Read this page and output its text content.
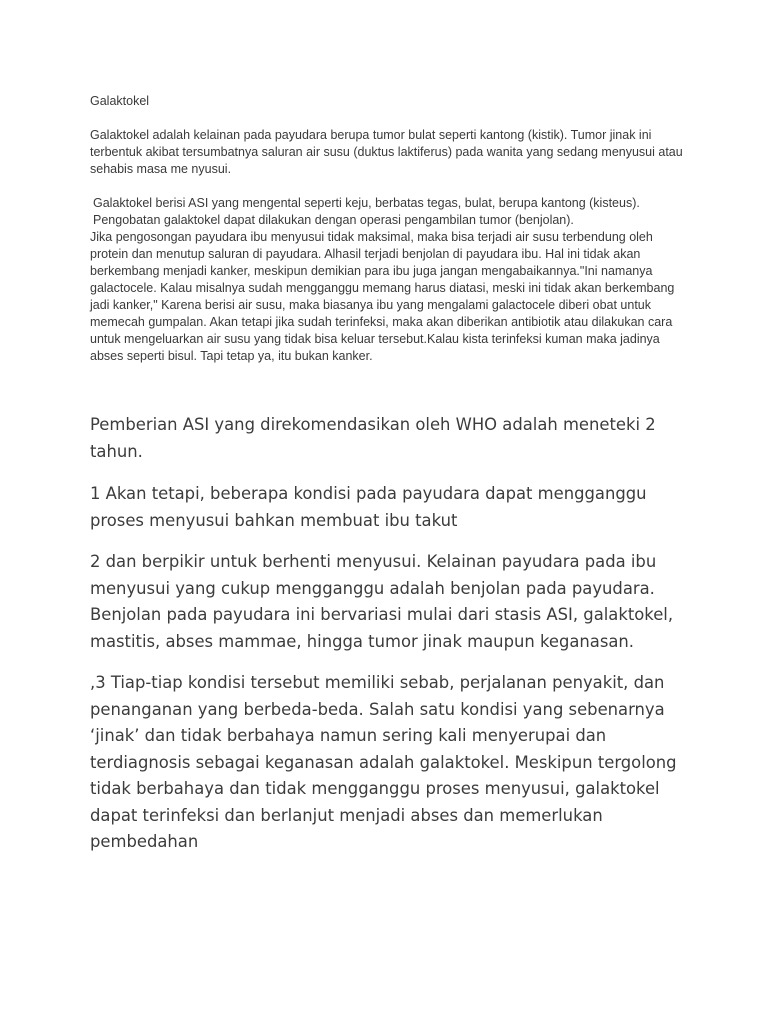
Galaktokel

Galaktokel adalah kelainan pada payudara berupa tumor bulat seperti kantong (kistik). Tumor jinak ini terbentuk akibat tersumbatnya saluran air susu (duktus laktiferus) pada wanita yang sedang menyusui atau sehabis masa me nyusui.

Galaktokel berisi ASI yang mengental seperti keju, berbatas tegas, bulat, berupa kantong (kisteus). Pengobatan galaktokel dapat dilakukan dengan operasi pengambilan tumor (benjolan).
Jika pengosongan payudara ibu menyusui tidak maksimal, maka bisa terjadi air susu terbendung oleh protein dan menutup saluran di payudara. Alhasil terjadi benjolan di payudara ibu. Hal ini tidak akan berkembang menjadi kanker, meskipun demikian para ibu juga jangan mengabaikannya."Ini namanya galactocele. Kalau misalnya sudah mengganggu memang harus diatasi, meski ini tidak akan berkembang jadi kanker," Karena berisi air susu, maka biasanya ibu yang mengalami galactocele diberi obat untuk memecah gumpalan. Akan tetapi jika sudah terinfeksi, maka akan diberikan antibiotik atau dilakukan cara untuk mengeluarkan air susu yang tidak bisa keluar tersebut.Kalau kista terinfeksi kuman maka jadinya abses seperti bisul. Tapi tetap ya, itu bukan kanker.

Pemberian ASI yang direkomendasikan oleh WHO adalah meneteki 2 tahun.

1 Akan tetapi, beberapa kondisi pada payudara dapat mengganggu proses menyusui bahkan membuat ibu takut

2 dan berpikir untuk berhenti menyusui. Kelainan payudara pada ibu menyusui yang cukup mengganggu adalah benjolan pada payudara. Benjolan pada payudara ini bervariasi mulai dari stasis ASI, galaktokel, mastitis, abses mammae, hingga tumor jinak maupun keganasan.

,3 Tiap-tiap kondisi tersebut memiliki sebab, perjalanan penyakit, dan penanganan yang berbeda-beda. Salah satu kondisi yang sebenarnya ‘jinak’ dan tidak berbahaya namun sering kali menyerupai dan terdiagnosis sebagai keganasan adalah galaktokel. Meskipun tergolong tidak berbahaya dan tidak mengganggu proses menyusui, galaktokel dapat terinfeksi dan berlanjut menjadi abses dan memerlukan pembedahan
